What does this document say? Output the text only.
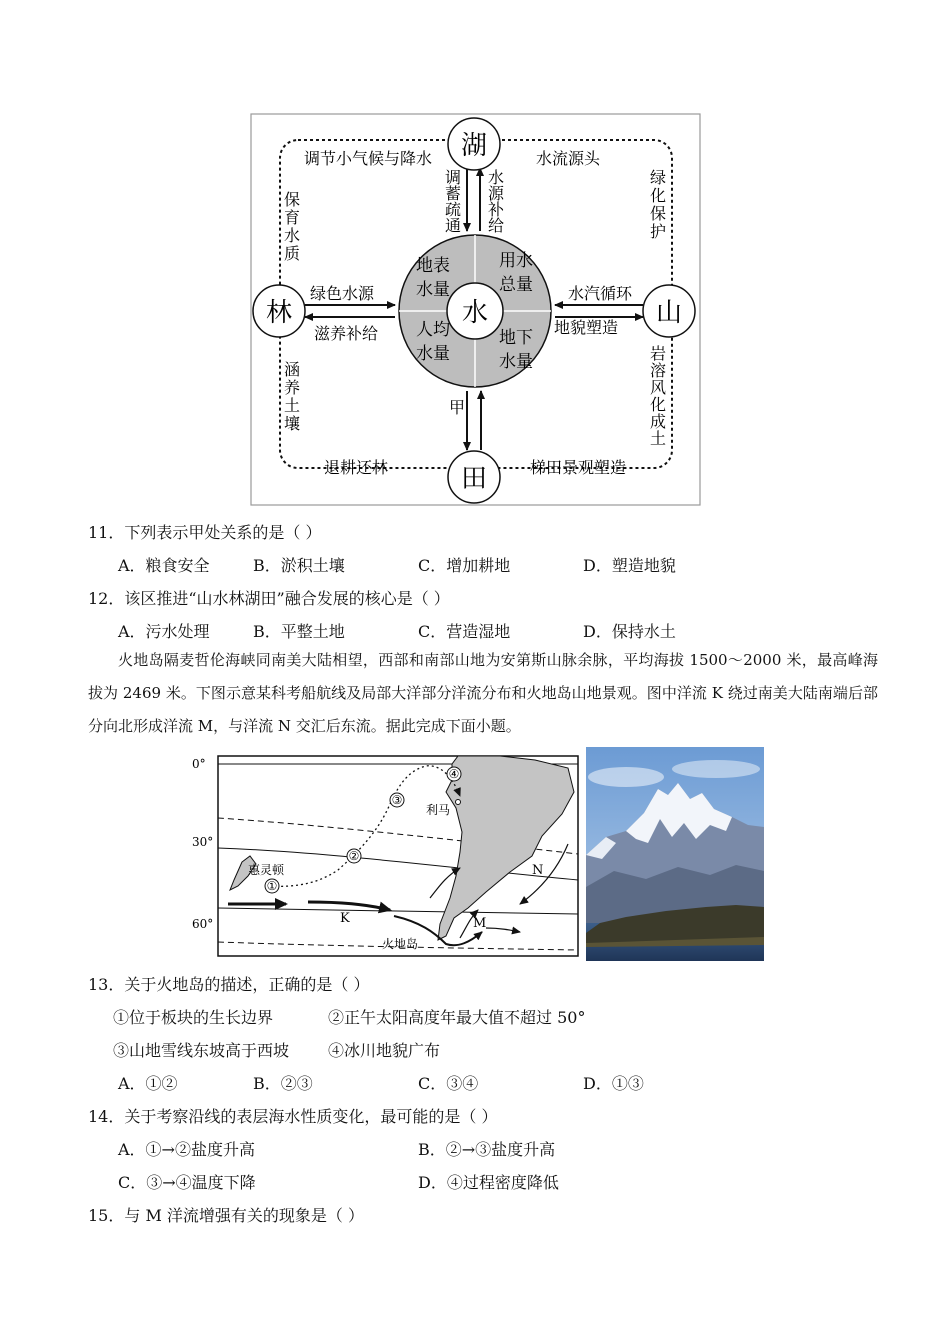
湖
林	水	山
田
调节小气候与降水	水流源头
退耕还林	梯田景观塑造
绿色水源
滋养补给
水汽循环
地貌塑造
保育水质
涵养土壤
绿化保护
岩溶风化成土
调蓄疏通 水源补给
甲
地表
水量
用水
总量
人均
水量
地下
水量
11．下列表示甲处关系的是（ ）
A．粮食安全	B．淤积土壤	C．增加耕地	D．塑造地貌
12．该区推进“山水林湖田”融合发展的核心是（ ）
A．污水处理	B．平整土地	C．营造湿地	D．保持水土

火地岛隔麦哲伦海峡同南美大陆相望，西部和南部山地为安第斯山脉余脉，平均海拔 1500～2000 米，最高峰海拔为 2469 米。下图示意某科考船航线及局部大洋部分洋流分布和火地岛山地景观。图中洋流 K 绕过南美大陆南端后部分向北形成洋流 M，与洋流 N 交汇后东流。据此完成下面小题。

0°
30°
60°
①
②
③
④
利马
惠灵顿
K
N
M
火地岛
13．关于火地岛的描述，正确的是（ ）
①位于板块的生长边界	②正午太阳高度年最大值不超过 50°
③山地雪线东坡高于西坡 ④冰川地貌广布
A．①②	B．②③	C．③④	D．①③
14．关于考察沿线的表层海水性质变化，最可能的是（ ）
A．①→②盐度升高	B．②→③盐度升高
C．③→④温度下降	D．④过程密度降低
15．与 M 洋流增强有关的现象是（ ）
